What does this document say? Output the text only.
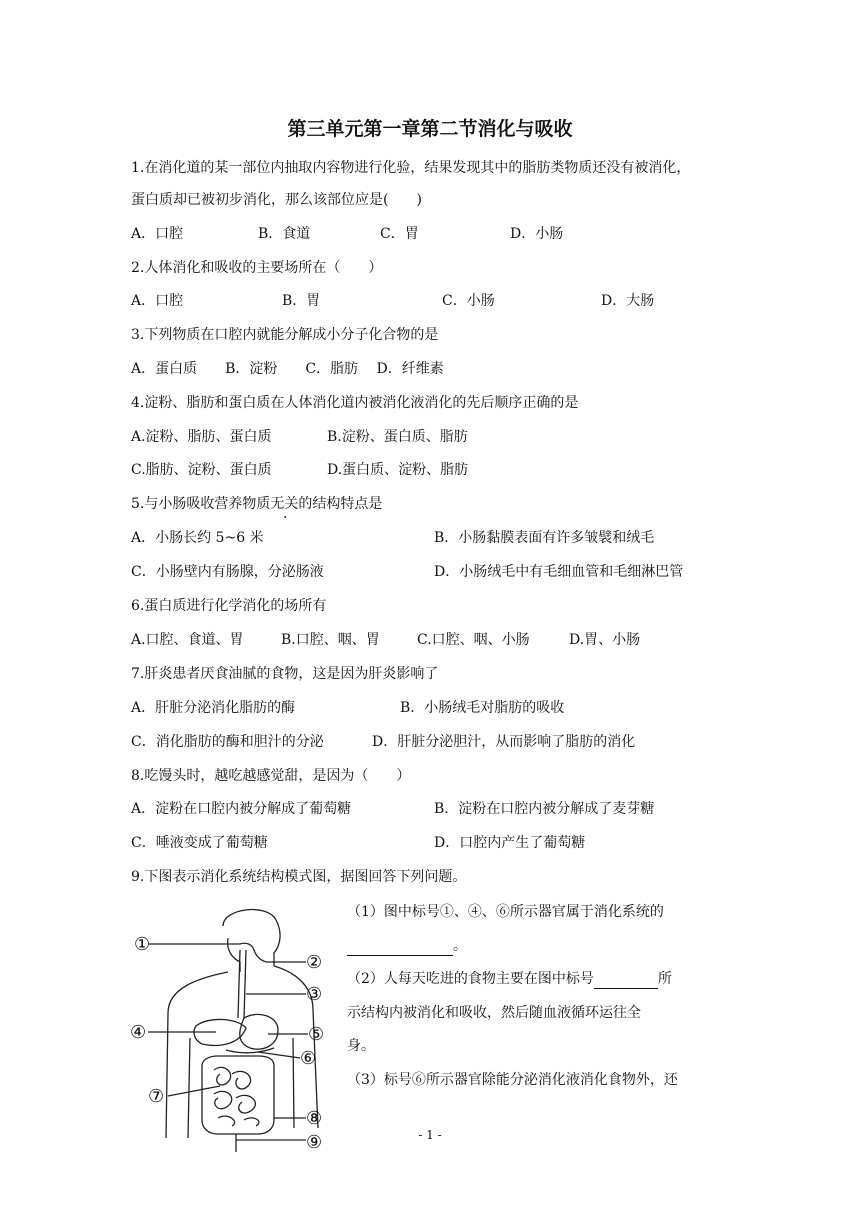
第三单元第一章第二节消化与吸收
1.在消化道的某一部位内抽取内容物进行化验，结果发现其中的脂肪类物质还没有被消化，
蛋白质却已被初步消化，那么该部位应是(　　)
A．口腔	B．食道	C．胃	D．小肠
2.人体消化和吸收的主要场所在（　　）
A．口腔	B．胃	C．小肠	D．大肠
3.下列物质在口腔内就能分解成小分子化合物的是
A．蛋白质　　B．淀粉　　C．脂肪　 D．纤维素
4.淀粉、脂肪和蛋白质在人体消化道内被消化液消化的先后顺序正确的是
A.淀粉、脂肪、蛋白质	B.淀粉、蛋白质、脂肪
C.脂肪、淀粉、蛋白质	D.蛋白质、淀粉、脂肪
5.与小肠吸收营养物质无关的结构特点是
A．小肠长约 5~6 米	B．小肠黏膜表面有许多皱襞和绒毛
C．小肠壁内有肠腺，分泌肠液	D．小肠绒毛中有毛细血管和毛细淋巴管
6.蛋白质进行化学消化的场所有
A.口腔、食道、胃	B.口腔、咽、胃	C.口腔、咽、小肠	D.胃、小肠
7.肝炎患者厌食油腻的食物，这是因为肝炎影响了
A．肝脏分泌消化脂肪的酶	B．小肠绒毛对脂肪的吸收
C．消化脂肪的酶和胆汁的分泌	D．肝脏分泌胆汁，从而影响了脂肪的消化
8.吃馒头时，越吃越感觉甜，是因为（　　）
A．淀粉在口腔内被分解成了葡萄糖	B．淀粉在口腔内被分解成了麦芽糖
C．唾液变成了葡萄糖	D．口腔内产生了葡萄糖
9.下图表示消化系统结构模式图，据图回答下列问题。
（1）图中标号①、④、⑥所示器官属于消化系统的
。
（2）人每天吃进的食物主要在图中标号	所
示结构内被消化和吸收，然后随血液循环运往全
身。
（3）标号⑥所示器官除能分泌消化液消化食物外，还
①
②
③
④	⑤
⑥
⑦
⑧
⑨	- 1 -
